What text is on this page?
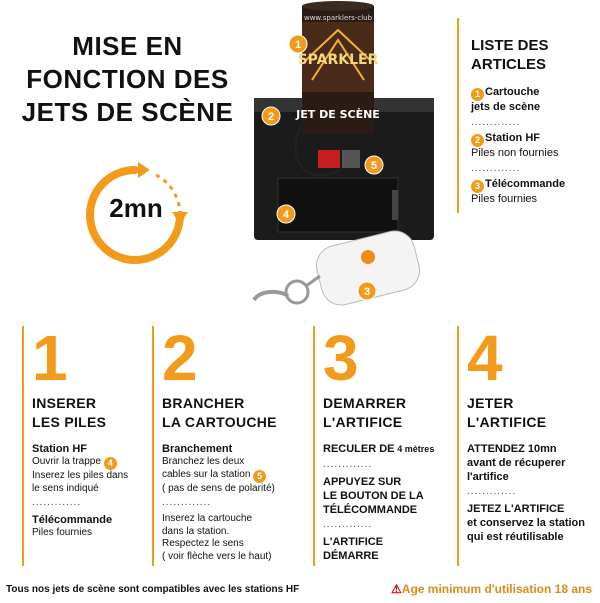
MISE EN
FONCTION DES
JETS DE SCÈNE
2mn
www.sparklers-club
SPARKLER
JET DE SCÈNE
1
2
3
4
5
LISTE DES
ARTICLES
1 Cartouche
jets de scène
.............
2 Station HF
Piles non fournies
.............
3 Télécommande
Piles fournies
1
INSERER
LES PILES
Station HF
Ouvrir la trappe 4
Inserez les piles dans
le sens indiqué
.............
Télécommande
Piles fournies
2
BRANCHER
LA CARTOUCHE
Branchement
Branchez les deux
cables sur la station 5
( pas de sens de polarité)
.............
Inserez la cartouche
dans la station.
Respectez le sens
( voir flèche vers le haut)
3
DEMARRER
L'ARTIFICE
RECULER DE 4 mètres
.............
APPUYEZ SUR
LE BOUTON DE LA
TÉLÉCOMMANDE
.............
L'ARTIFICE
DÉMARRE
4
JETER
L'ARTIFICE
ATTENDEZ 10mn
avant de récuperer
l'artifice
.............
JETEZ L'ARTIFICE
et conservez la station
qui est réutilisable
Tous nos jets de scène sont compatibles avec les stations HF	⚠Age minimum d'utilisation 18 ans
